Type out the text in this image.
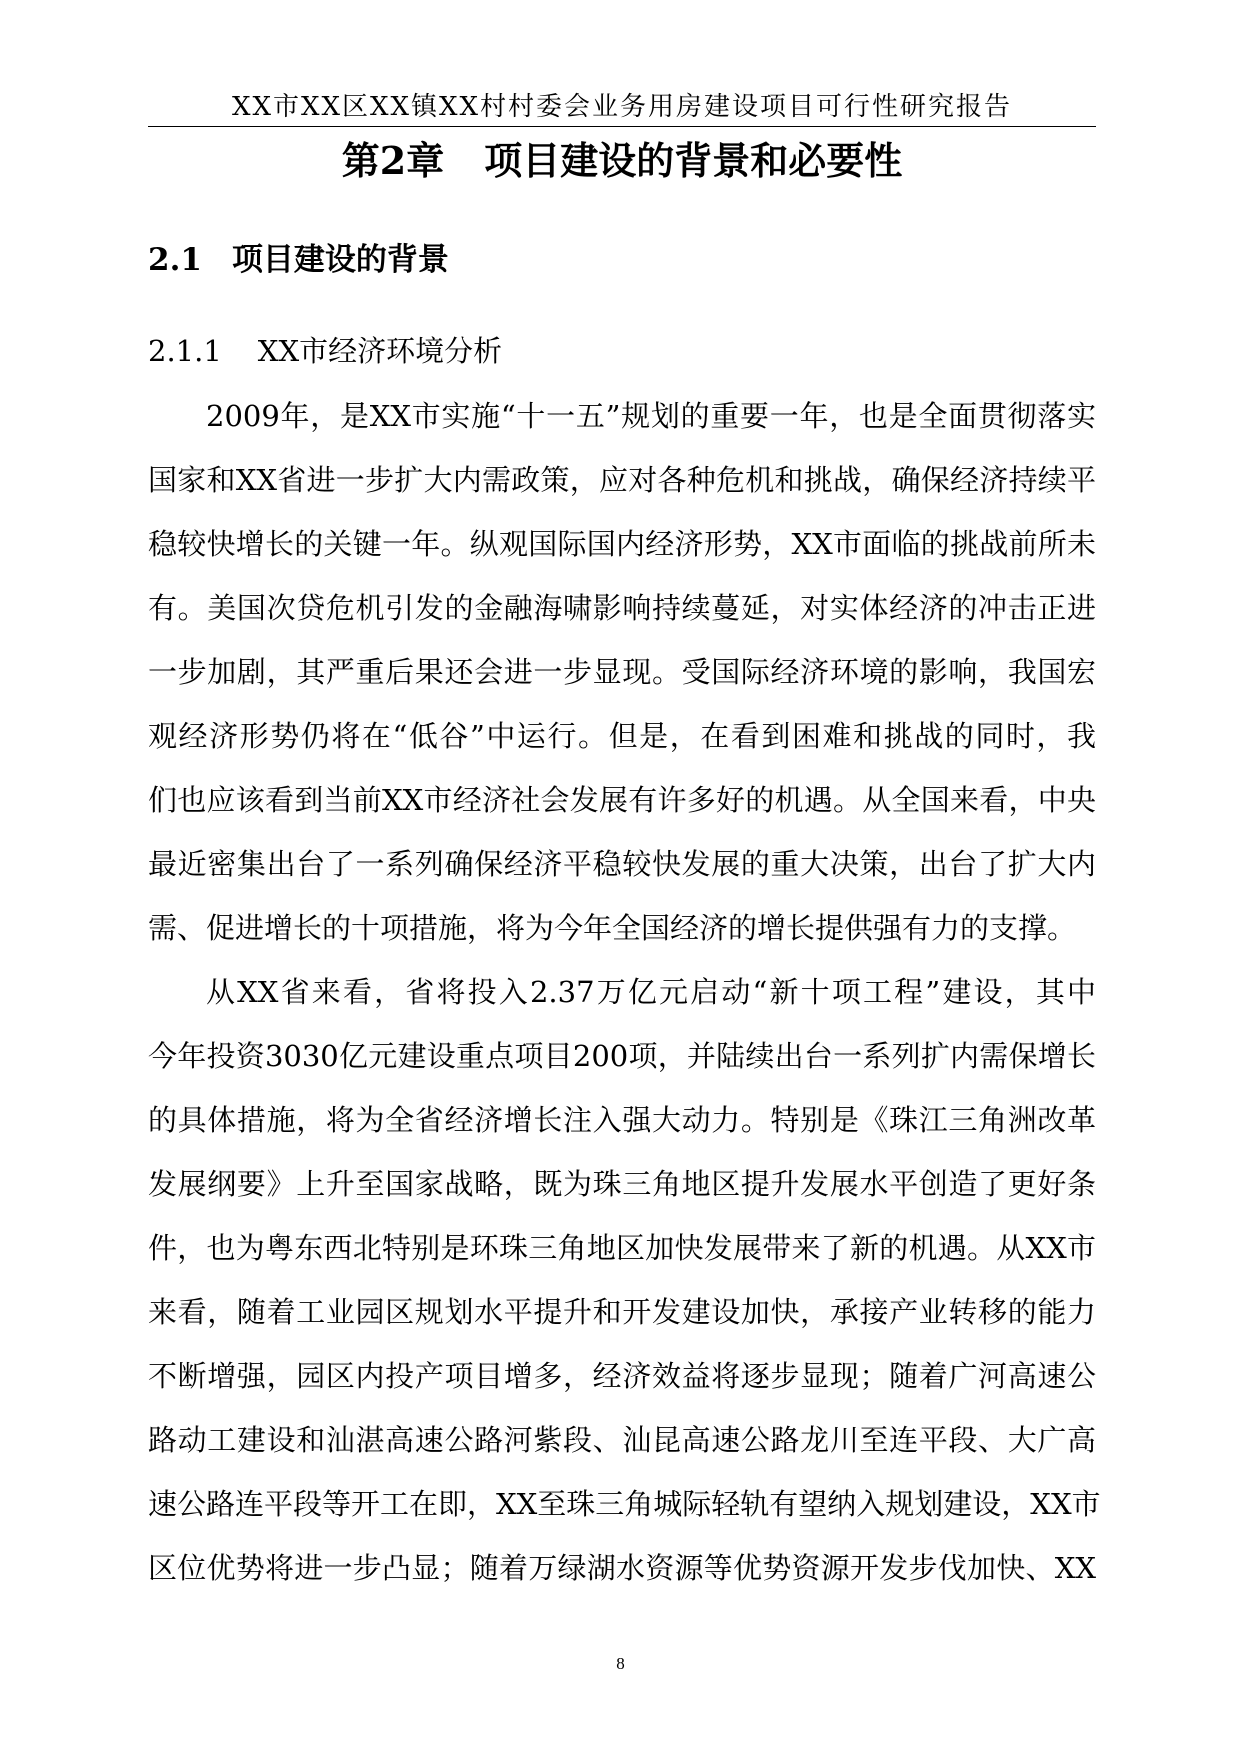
XX市XX区XX镇XX村村委会业务用房建设项目可行性研究报告
第2章 项目建设的背景和必要性
2.1 项目建设的背景
2.1.1 XX市经济环境分析
2009年，是XX市实施“十一五”规划的重要一年，也是全面贯彻落实
国家和XX省进一步扩大内需政策，应对各种危机和挑战，确保经济持续平
稳较快增长的关键一年。纵观国际国内经济形势，XX市面临的挑战前所未
有。美国次贷危机引发的金融海啸影响持续蔓延，对实体经济的冲击正进
一步加剧，其严重后果还会进一步显现。受国际经济环境的影响，我国宏
观经济形势仍将在“低谷”中运行。但是，在看到困难和挑战的同时，我
们也应该看到当前XX市经济社会发展有许多好的机遇。从全国来看，中央
最近密集出台了一系列确保经济平稳较快发展的重大决策，出台了扩大内
需、促进增长的十项措施，将为今年全国经济的增长提供强有力的支撑。
从XX省来看，省将投入2.37万亿元启动“新十项工程”建设，其中
今年投资3030亿元建设重点项目200项，并陆续出台一系列扩内需保增长
的具体措施，将为全省经济增长注入强大动力。特别是《珠江三角洲改革
发展纲要》上升至国家战略，既为珠三角地区提升发展水平创造了更好条
件，也为粤东西北特别是环珠三角地区加快发展带来了新的机遇。从XX市
来看，随着工业园区规划水平提升和开发建设加快，承接产业转移的能力
不断增强，园区内投产项目增多，经济效益将逐步显现；随着广河高速公
路动工建设和汕湛高速公路河紫段、汕昆高速公路龙川至连平段、大广高
速公路连平段等开工在即，XX至珠三角城际轻轨有望纳入规划建设，XX市
区位优势将进一步凸显；随着万绿湖水资源等优势资源开发步伐加快、XX
8
